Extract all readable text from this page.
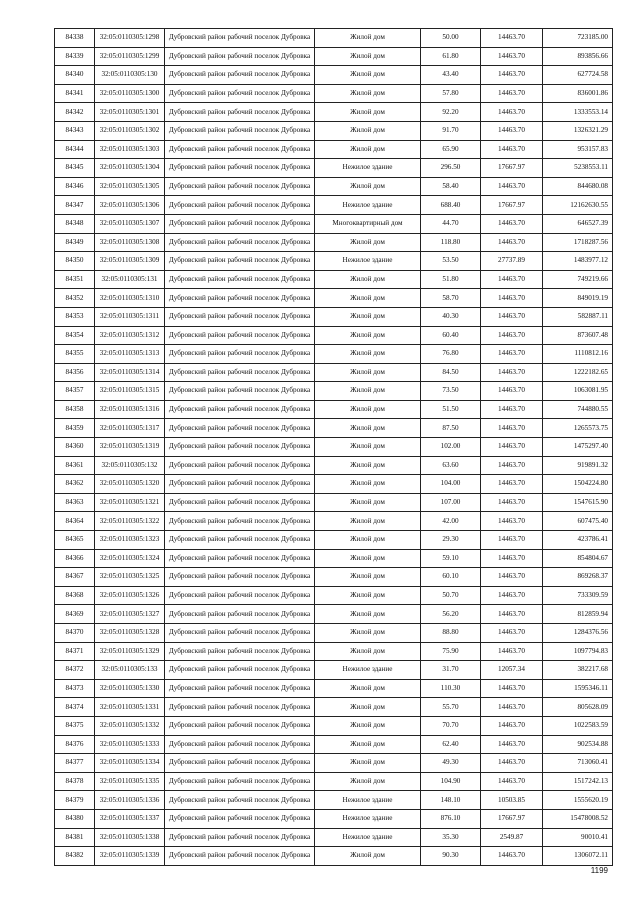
84338	32:05:0110305:1298	Дубровский район рабочий поселок Дубровка	Жилой дом	50.00	14463.70	723185.00
84339	32:05:0110305:1299	Дубровский район рабочий поселок Дубровка	Жилой дом	61.80	14463.70	893856.66
84340	32:05:0110305:130	Дубровский район рабочий поселок Дубровка	Жилой дом	43.40	14463.70	627724.58
84341	32:05:0110305:1300	Дубровский район рабочий поселок Дубровка	Жилой дом	57.80	14463.70	836001.86
84342	32:05:0110305:1301	Дубровский район рабочий поселок Дубровка	Жилой дом	92.20	14463.70	1333553.14
84343	32:05:0110305:1302	Дубровский район рабочий поселок Дубровка	Жилой дом	91.70	14463.70	1326321.29
84344	32:05:0110305:1303	Дубровский район рабочий поселок Дубровка	Жилой дом	65.90	14463.70	953157.83
84345	32:05:0110305:1304	Дубровский район рабочий поселок Дубровка	Нежилое здание	296.50	17667.97	5238553.11
84346	32:05:0110305:1305	Дубровский район рабочий поселок Дубровка	Жилой дом	58.40	14463.70	844680.08
84347	32:05:0110305:1306	Дубровский район рабочий поселок Дубровка	Нежилое здание	688.40	17667.97	12162630.55
84348	32:05:0110305:1307	Дубровский район рабочий поселок Дубровка	Многоквартирный дом	44.70	14463.70	646527.39
84349	32:05:0110305:1308	Дубровский район рабочий поселок Дубровка	Жилой дом	118.80	14463.70	1718287.56
84350	32:05:0110305:1309	Дубровский район рабочий поселок Дубровка	Нежилое здание	53.50	27737.89	1483977.12
84351	32:05:0110305:131	Дубровский район рабочий поселок Дубровка	Жилой дом	51.80	14463.70	749219.66
84352	32:05:0110305:1310	Дубровский район рабочий поселок Дубровка	Жилой дом	58.70	14463.70	849019.19
84353	32:05:0110305:1311	Дубровский район рабочий поселок Дубровка	Жилой дом	40.30	14463.70	582887.11
84354	32:05:0110305:1312	Дубровский район рабочий поселок Дубровка	Жилой дом	60.40	14463.70	873607.48
84355	32:05:0110305:1313	Дубровский район рабочий поселок Дубровка	Жилой дом	76.80	14463.70	1110812.16
84356	32:05:0110305:1314	Дубровский район рабочий поселок Дубровка	Жилой дом	84.50	14463.70	1222182.65
84357	32:05:0110305:1315	Дубровский район рабочий поселок Дубровка	Жилой дом	73.50	14463.70	1063081.95
84358	32:05:0110305:1316	Дубровский район рабочий поселок Дубровка	Жилой дом	51.50	14463.70	744880.55
84359	32:05:0110305:1317	Дубровский район рабочий поселок Дубровка	Жилой дом	87.50	14463.70	1265573.75
84360	32:05:0110305:1319	Дубровский район рабочий поселок Дубровка	Жилой дом	102.00	14463.70	1475297.40
84361	32:05:0110305:132	Дубровский район рабочий поселок Дубровка	Жилой дом	63.60	14463.70	919891.32
84362	32:05:0110305:1320	Дубровский район рабочий поселок Дубровка	Жилой дом	104.00	14463.70	1504224.80
84363	32:05:0110305:1321	Дубровский район рабочий поселок Дубровка	Жилой дом	107.00	14463.70	1547615.90
84364	32:05:0110305:1322	Дубровский район рабочий поселок Дубровка	Жилой дом	42.00	14463.70	607475.40
84365	32:05:0110305:1323	Дубровский район рабочий поселок Дубровка	Жилой дом	29.30	14463.70	423786.41
84366	32:05:0110305:1324	Дубровский район рабочий поселок Дубровка	Жилой дом	59.10	14463.70	854804.67
84367	32:05:0110305:1325	Дубровский район рабочий поселок Дубровка	Жилой дом	60.10	14463.70	869268.37
84368	32:05:0110305:1326	Дубровский район рабочий поселок Дубровка	Жилой дом	50.70	14463.70	733309.59
84369	32:05:0110305:1327	Дубровский район рабочий поселок Дубровка	Жилой дом	56.20	14463.70	812859.94
84370	32:05:0110305:1328	Дубровский район рабочий поселок Дубровка	Жилой дом	88.80	14463.70	1284376.56
84371	32:05:0110305:1329	Дубровский район рабочий поселок Дубровка	Жилой дом	75.90	14463.70	1097794.83
84372	32:05:0110305:133	Дубровский район рабочий поселок Дубровка	Нежилое здание	31.70	12057.34	382217.68
84373	32:05:0110305:1330	Дубровский район рабочий поселок Дубровка	Жилой дом	110.30	14463.70	1595346.11
84374	32:05:0110305:1331	Дубровский район рабочий поселок Дубровка	Жилой дом	55.70	14463.70	805628.09
84375	32:05:0110305:1332	Дубровский район рабочий поселок Дубровка	Жилой дом	70.70	14463.70	1022583.59
84376	32:05:0110305:1333	Дубровский район рабочий поселок Дубровка	Жилой дом	62.40	14463.70	902534.88
84377	32:05:0110305:1334	Дубровский район рабочий поселок Дубровка	Жилой дом	49.30	14463.70	713060.41
84378	32:05:0110305:1335	Дубровский район рабочий поселок Дубровка	Жилой дом	104.90	14463.70	1517242.13
84379	32:05:0110305:1336	Дубровский район рабочий поселок Дубровка	Нежилое здание	148.10	10503.85	1555620.19
84380	32:05:0110305:1337	Дубровский район рабочий поселок Дубровка	Нежилое здание	876.10	17667.97	15478008.52
84381	32:05:0110305:1338	Дубровский район рабочий поселок Дубровка	Нежилое здание	35.30	2549.87	90010.41
84382	32:05:0110305:1339	Дубровский район рабочий поселок Дубровка	Жилой дом	90.30	14463.70	1306072.11
1199
